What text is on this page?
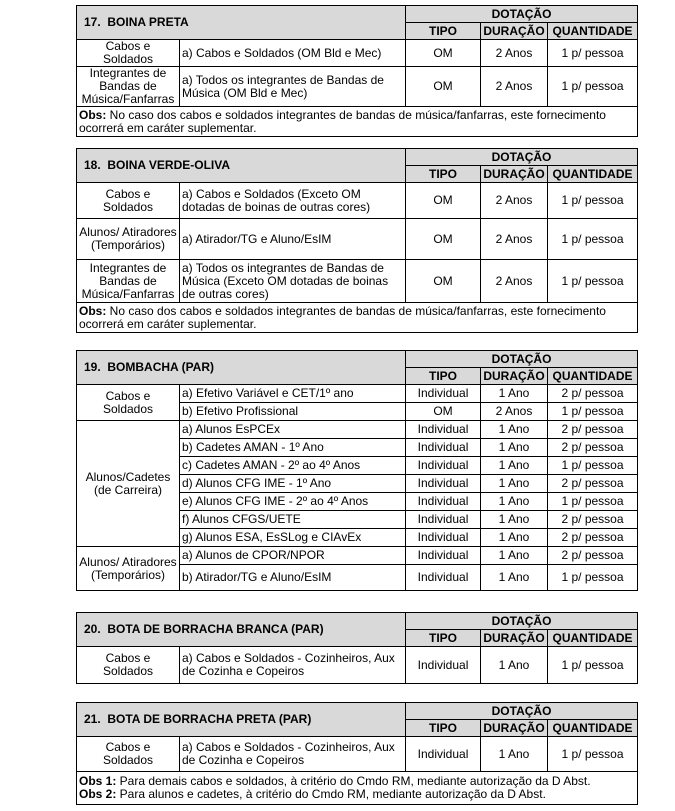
17. BOINA PRETA		DOTAÇÃO		
		TIPO	DURAÇÃO	QUANTIDADE
Cabos e Soldados	a) Cabos e Soldados (OM Bld e Mec)	OM	2 Anos	1 p/ pessoa
Integrantes de Bandas de Música/Fanfarras	a) Todos os integrantes de Bandas de Música (OM Bld e Mec)	OM	2 Anos	1 p/ pessoa
Obs: No caso dos cabos e soldados integrantes de bandas de música/fanfarras, este fornecimento ocorrerá em caráter suplementar.				
18. BOINA VERDE-OLIVA		DOTAÇÃO		
		TIPO	DURAÇÃO	QUANTIDADE
Cabos e Soldados	a) Cabos e Soldados (Exceto OM dotadas de boinas de outras cores)	OM	2 Anos	1 p/ pessoa
Alunos/ Atiradores (Temporários)	a) Atirador/TG e Aluno/EsIM	OM	2 Anos	1 p/ pessoa
Integrantes de Bandas de Música/Fanfarras	a) Todos os integrantes de Bandas de Música (Exceto OM dotadas de boinas de outras cores)	OM	2 Anos	1 p/ pessoa
Obs: No caso dos cabos e soldados integrantes de bandas de música/fanfarras, este fornecimento ocorrerá em caráter suplementar.				
19. BOMBACHA (PAR)		DOTAÇÃO		
		TIPO	DURAÇÃO	QUANTIDADE
Cabos e Soldados	a) Efetivo Variável e CET/1º ano	Individual	1 Ano	2 p/ pessoa
	b) Efetivo Profissional	OM	2 Anos	1 p/ pessoa
Alunos/Cadetes (de Carreira)	a) Alunos EsPCEx	Individual	1 Ano	2 p/ pessoa
	b) Cadetes AMAN - 1º Ano	Individual	1 Ano	2 p/ pessoa
	c) Cadetes AMAN - 2º ao 4º Anos	Individual	1 Ano	1 p/ pessoa
	d) Alunos CFG IME - 1º Ano	Individual	1 Ano	2 p/ pessoa
	e) Alunos CFG IME - 2º ao 4º Anos	Individual	1 Ano	1 p/ pessoa
	f) Alunos CFGS/UETE	Individual	1 Ano	2 p/ pessoa
	g) Alunos ESA, EsSLog e CIAvEx	Individual	1 Ano	2 p/ pessoa
Alunos/ Atiradores (Temporários)	a) Alunos de CPOR/NPOR	Individual	1 Ano	2 p/ pessoa
	b) Atirador/TG e Aluno/EsIM	Individual	1 Ano	1 p/ pessoa
20. BOTA DE BORRACHA BRANCA (PAR)		DOTAÇÃO		
		TIPO	DURAÇÃO	QUANTIDADE
Cabos e Soldados	a) Cabos e Soldados - Cozinheiros, Aux de Cozinha e Copeiros	Individual	1 Ano	1 p/ pessoa
21. BOTA DE BORRACHA PRETA (PAR)		DOTAÇÃO		
		TIPO	DURAÇÃO	QUANTIDADE
Cabos e Soldados	a) Cabos e Soldados - Cozinheiros, Aux de Cozinha e Copeiros	Individual	1 Ano	1 p/ pessoa

Obs 1: Para demais cabos e soldados, à critério do Cmdo RM, mediante autorização da D Abst.
Obs 2: Para alunos e cadetes, à critério do Cmdo RM, mediante autorização da D Abst.				
